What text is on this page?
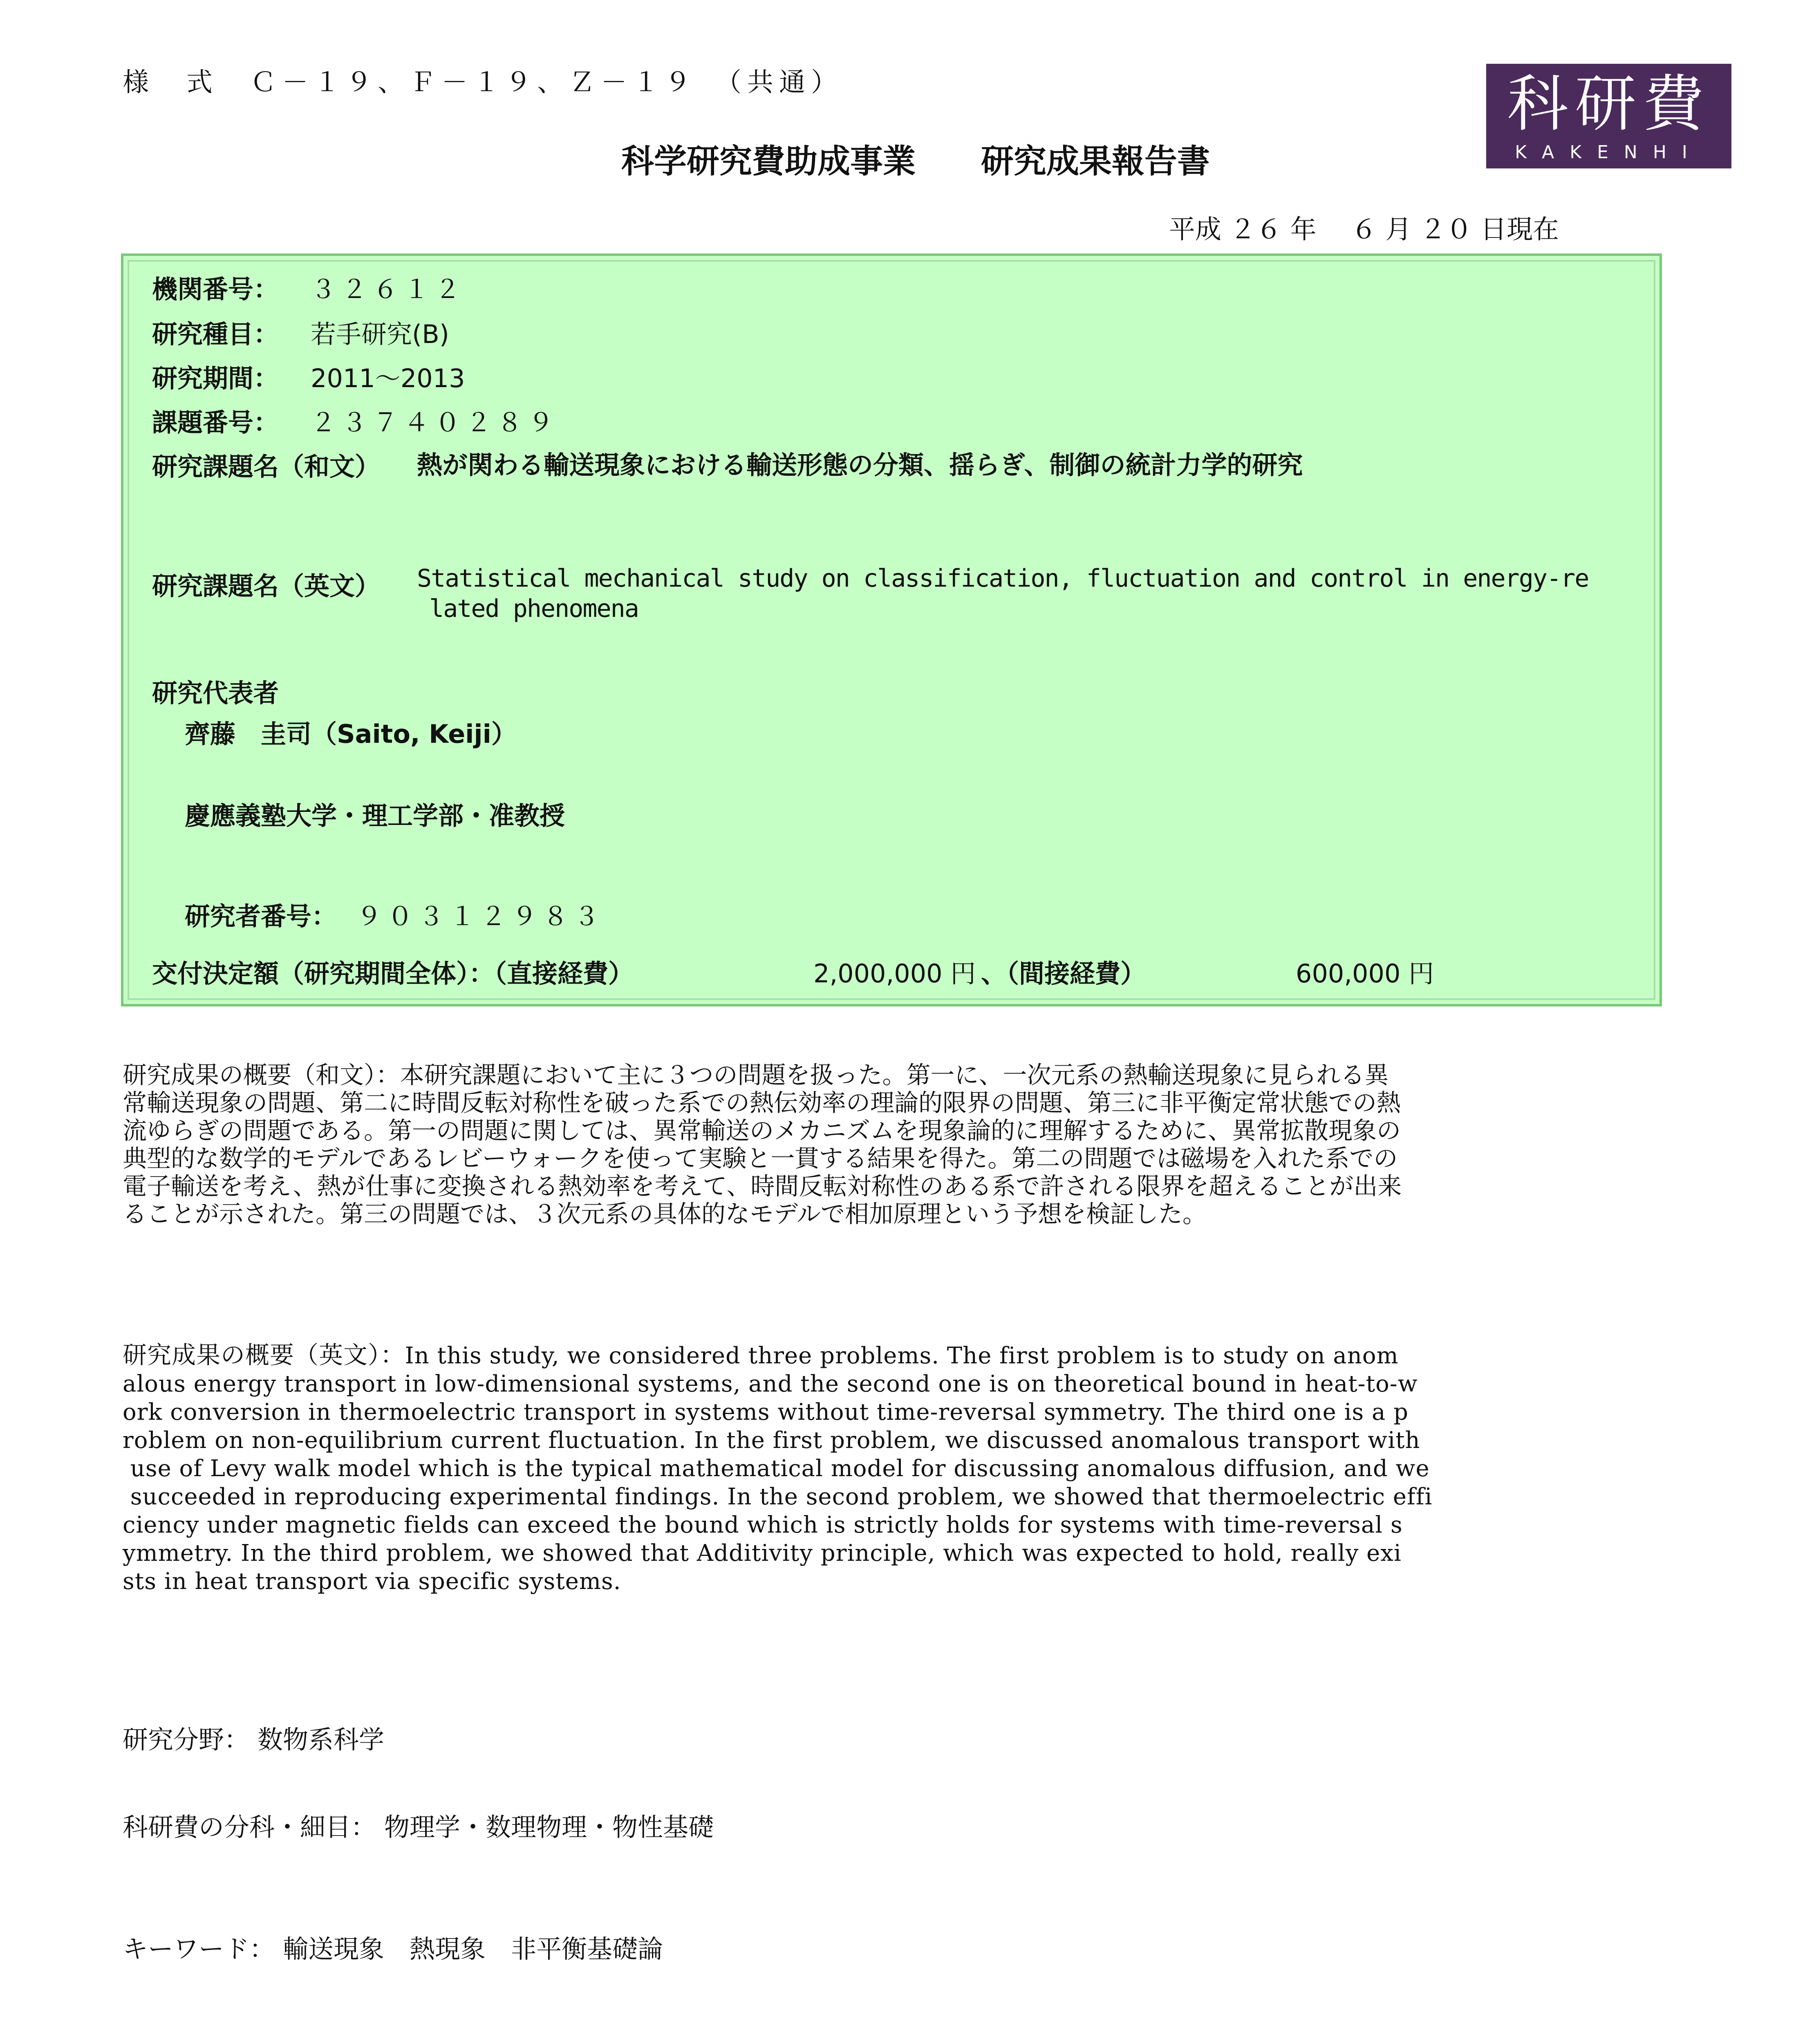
様　式　Ｃ－１９、Ｆ－１９、Ｚ－１９　（共通）
科学研究費助成事業　　研究成果報告書
科研費
KAKENHI
平成 ２６ 年　 ６ 月 ２０ 日現在
機関番号： ３２６１２
研究種目： 若手研究(B)
研究期間： 2011～2013
課題番号： ２３７４０２８９
研究課題名（和文） 熱が関わる輸送現象における輸送形態の分類、揺らぎ、制御の統計力学的研究
研究課題名（英文） Statistical mechanical study on classification, fluctuation and control in energy-re
lated phenomena
研究代表者
齊藤　圭司（Saito, Keiji）
慶應義塾大学・理工学部・准教授
研究者番号： ９０３１２９８３
交付決定額（研究期間全体）：（直接経費）	2,000,000 円 、（間接経費）	600,000 円
研究成果の概要（和文）：本研究課題において主に３つの問題を扱った。第一に、一次元系の熱輸送現象に見られる異
常輸送現象の問題、第二に時間反転対称性を破った系での熱伝効率の理論的限界の問題、第三に非平衡定常状態での熱
流ゆらぎの問題である。第一の問題に関しては、異常輸送のメカニズムを現象論的に理解するために、異常拡散現象の
典型的な数学的モデルであるレビーウォークを使って実験と一貫する結果を得た。第二の問題では磁場を入れた系での
電子輸送を考え、熱が仕事に変換される熱効率を考えて、時間反転対称性のある系で許される限界を超えることが出来
ることが示された。第三の問題では、３次元系の具体的なモデルで相加原理という予想を検証した。
研究成果の概要（英文）：In this study, we considered three problems. The first problem is to study on anom
alous energy transport in low-dimensional systems, and the second one is on theoretical bound in heat-to-w
ork conversion in thermoelectric transport in systems without time-reversal symmetry. The third one is a p
roblem on non-equilibrium current fluctuation. In the first problem, we discussed anomalous transport with
use of Levy walk model which is the typical mathematical model for discussing anomalous diffusion, and we
succeeded in reproducing experimental findings. In the second problem, we showed that thermoelectric effi
ciency under magnetic fields can exceed the bound which is strictly holds for systems with time-reversal s
ymmetry. In the third problem, we showed that Additivity principle, which was expected to hold, really exi
sts in heat transport via specific systems.
研究分野： 数物系科学
科研費の分科・細目： 物理学・数理物理・物性基礎
キーワード： 輸送現象　熱現象　非平衡基礎論
